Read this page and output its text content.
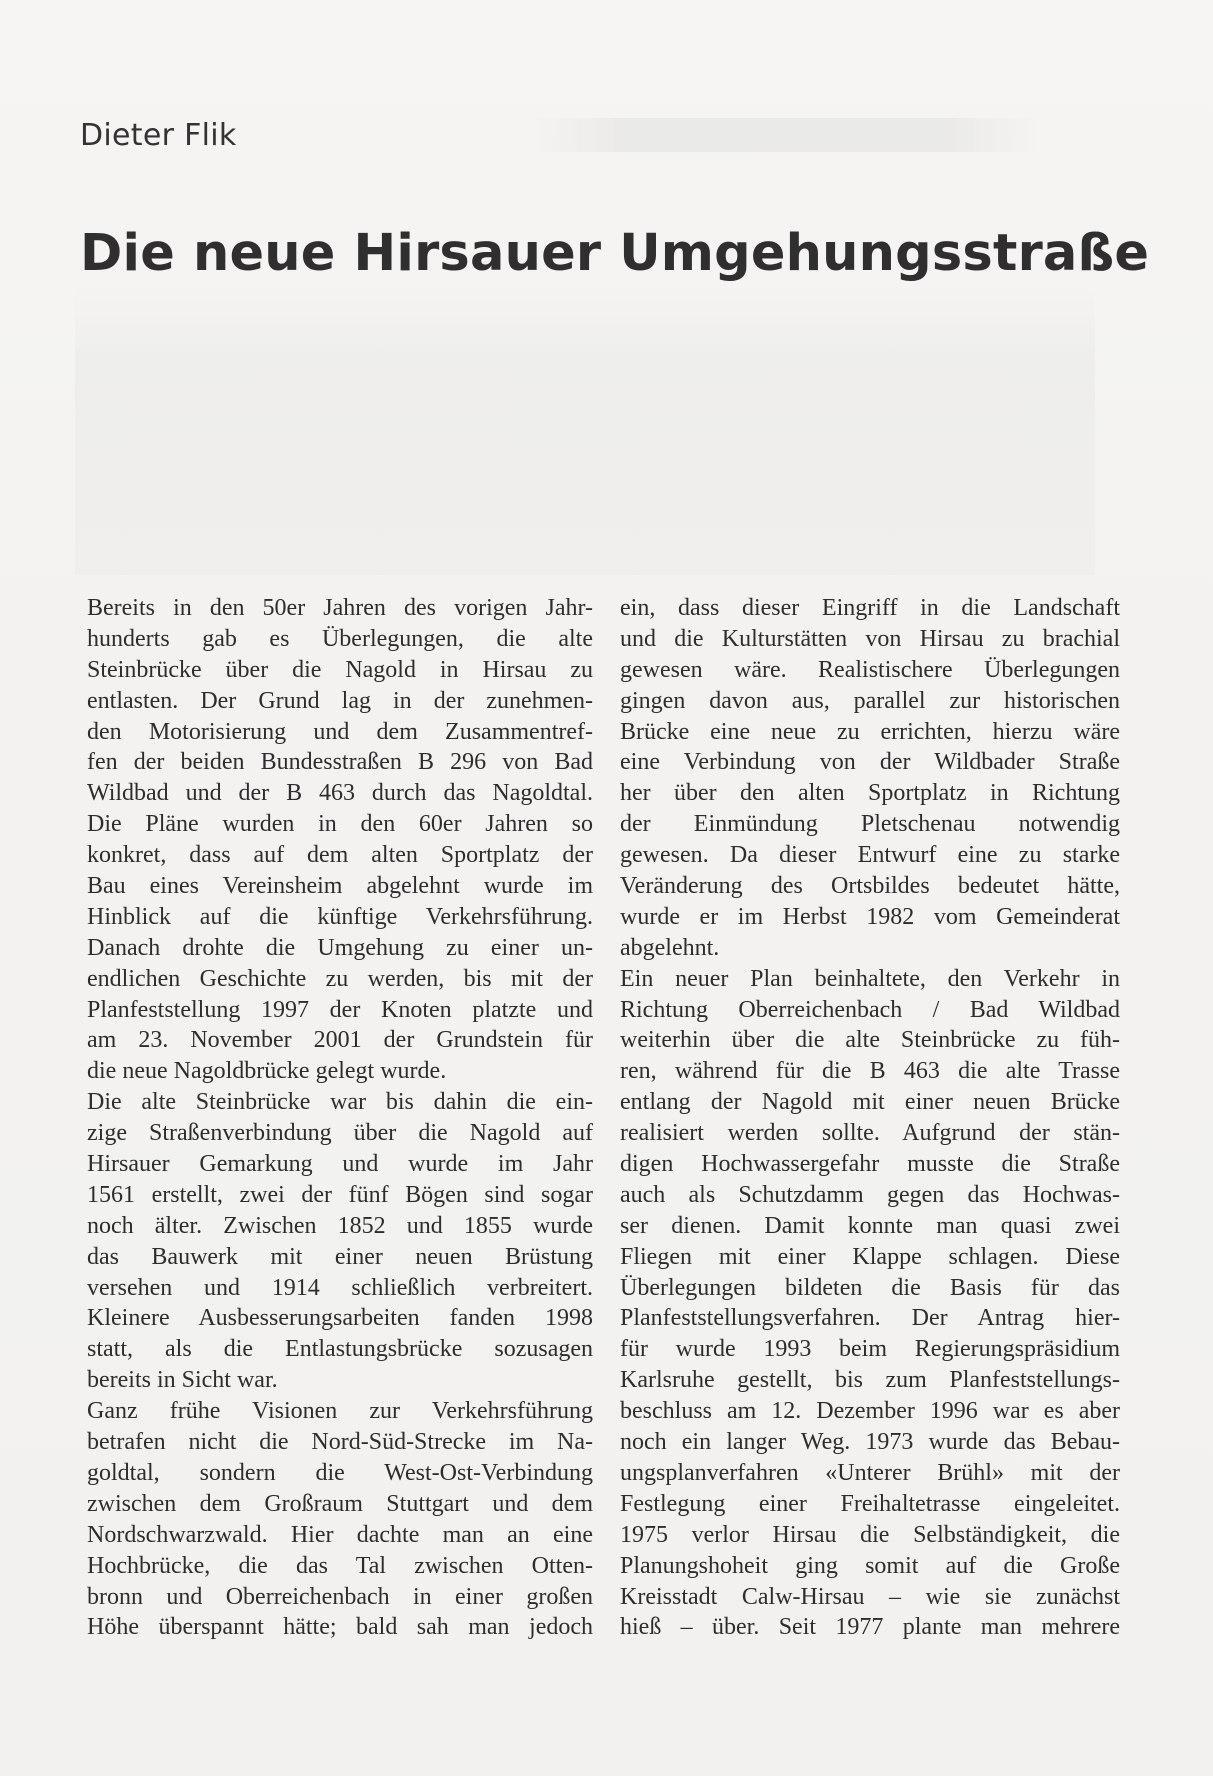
Dieter Flik
Die neue Hirsauer Umgehungsstraße
Bereits in den 50er Jahren des vorigen Jahr-
hunderts gab es Überlegungen, die alte
Steinbrücke über die Nagold in Hirsau zu
entlasten. Der Grund lag in der zunehmen-
den Motorisierung und dem Zusammentref-
fen der beiden Bundesstraßen B 296 von Bad
Wildbad und der B 463 durch das Nagoldtal.
Die Pläne wurden in den 60er Jahren so
konkret, dass auf dem alten Sportplatz der
Bau eines Vereinsheim abgelehnt wurde im
Hinblick auf die künftige Verkehrsführung.
Danach drohte die Umgehung zu einer un-
endlichen Geschichte zu werden, bis mit der
Planfeststellung 1997 der Knoten platzte und
am 23. November 2001 der Grundstein für
die neue Nagoldbrücke gelegt wurde.
Die alte Steinbrücke war bis dahin die ein-
zige Straßenverbindung über die Nagold auf
Hirsauer Gemarkung und wurde im Jahr
1561 erstellt, zwei der fünf Bögen sind sogar
noch älter. Zwischen 1852 und 1855 wurde
das Bauwerk mit einer neuen Brüstung
versehen und 1914 schließlich verbreitert.
Kleinere Ausbesserungsarbeiten fanden 1998
statt, als die Entlastungsbrücke sozusagen
bereits in Sicht war.
Ganz frühe Visionen zur Verkehrsführung
betrafen nicht die Nord-Süd-Strecke im Na-
goldtal, sondern die West-Ost-Verbindung
zwischen dem Großraum Stuttgart und dem
Nordschwarzwald. Hier dachte man an eine
Hochbrücke, die das Tal zwischen Otten-
bronn und Oberreichenbach in einer großen
Höhe überspannt hätte; bald sah man jedoch
ein, dass dieser Eingriff in die Landschaft
und die Kulturstätten von Hirsau zu brachial
gewesen wäre. Realistischere Überlegungen
gingen davon aus, parallel zur historischen
Brücke eine neue zu errichten, hierzu wäre
eine Verbindung von der Wildbader Straße
her über den alten Sportplatz in Richtung
der Einmündung Pletschenau notwendig
gewesen. Da dieser Entwurf eine zu starke
Veränderung des Ortsbildes bedeutet hätte,
wurde er im Herbst 1982 vom Gemeinderat
abgelehnt.
Ein neuer Plan beinhaltete, den Verkehr in
Richtung Oberreichenbach / Bad Wildbad
weiterhin über die alte Steinbrücke zu füh-
ren, während für die B 463 die alte Trasse
entlang der Nagold mit einer neuen Brücke
realisiert werden sollte. Aufgrund der stän-
digen Hochwassergefahr musste die Straße
auch als Schutzdamm gegen das Hochwas-
ser dienen. Damit konnte man quasi zwei
Fliegen mit einer Klappe schlagen. Diese
Überlegungen bildeten die Basis für das
Planfeststellungsverfahren. Der Antrag hier-
für wurde 1993 beim Regierungspräsidium
Karlsruhe gestellt, bis zum Planfeststellungs-
beschluss am 12. Dezember 1996 war es aber
noch ein langer Weg. 1973 wurde das Bebau-
ungsplanverfahren «Unterer Brühl» mit der
Festlegung einer Freihaltetrasse eingeleitet.
1975 verlor Hirsau die Selbständigkeit, die
Planungshoheit ging somit auf die Große
Kreisstadt Calw-Hirsau – wie sie zunächst
hieß – über. Seit 1977 plante man mehrere
